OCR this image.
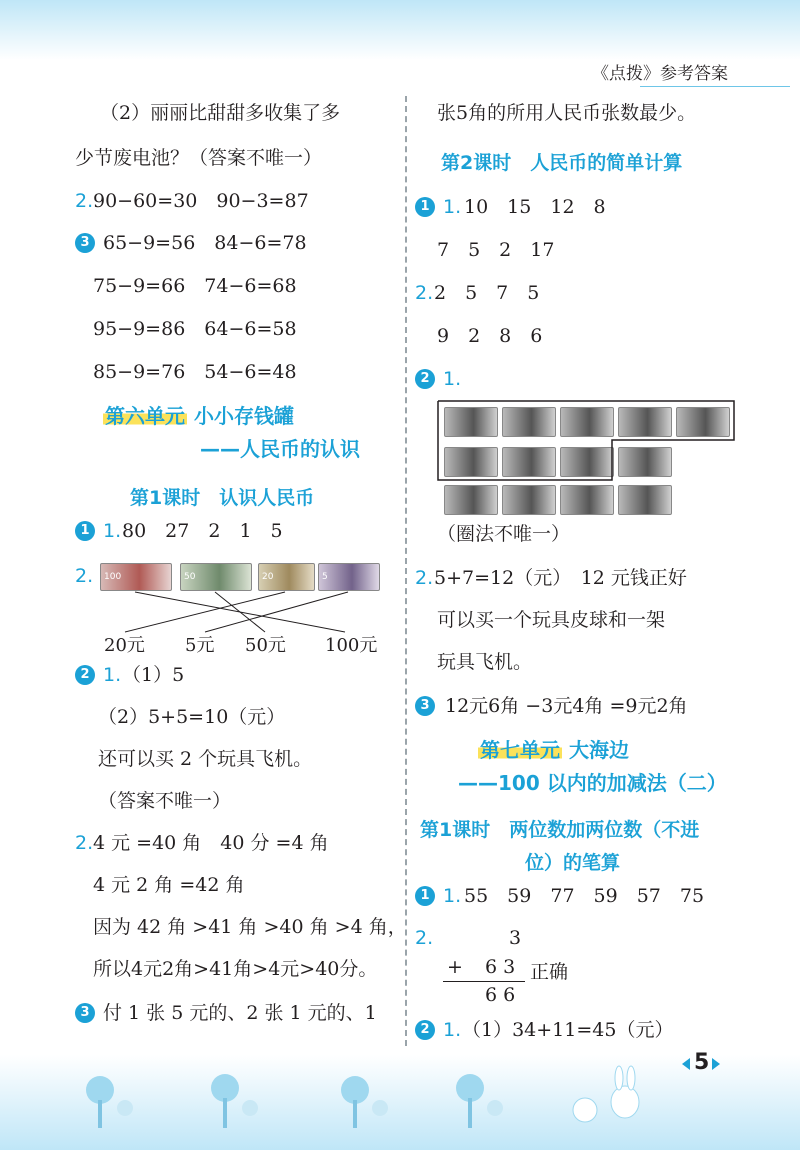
《点拨》参考答案
（2）丽丽比甜甜多收集了多
少节废电池？（答案不唯一）
2. 90−60=30　90−3=87
3 65−9=56　84−6=78
75−9=66　74−6=68
95−9=86　64−6=58
85−9=76　54−6=48
第六单元 小小存钱罐
——人民币的认识
第1课时　认识人民币
1 1. 80　27　2　1　5
2.	100	50	20	5
20元 5元 50元 100元
2 1. （1）5
（2）5+5=10（元）
还可以买 2 个玩具飞机。
（答案不唯一）
2. 4 元 =40 角　40 分 =4 角
4 元 2 角 =42 角
因为 42 角 >41 角 >40 角 >4 角，
所以4元2角>41角>4元>40分。
3 付 1 张 5 元的、2 张 1 元的、1
张5角的所用人民币张数最少。
第2课时　人民币的简单计算
1 1. 10　15　12　8
7　5　2　17
2. 2　5　7　5
9　2　8　6
2 1.
（圈法不唯一）
2. 5+7=12（元）　12 元钱正好
可以买一个玩具皮球和一架
玩具飞机。
3 12元6角 −3元4角 =9元2角
第七单元 大海边
——100 以内的加减法（二）
第1课时　两位数加两位数（不进
位）的笔算
1 1. 55　59　77　59　57　75
2.	3
+ 6 3
6 6
正确
2 1. （1）34+11=45（元）
5
